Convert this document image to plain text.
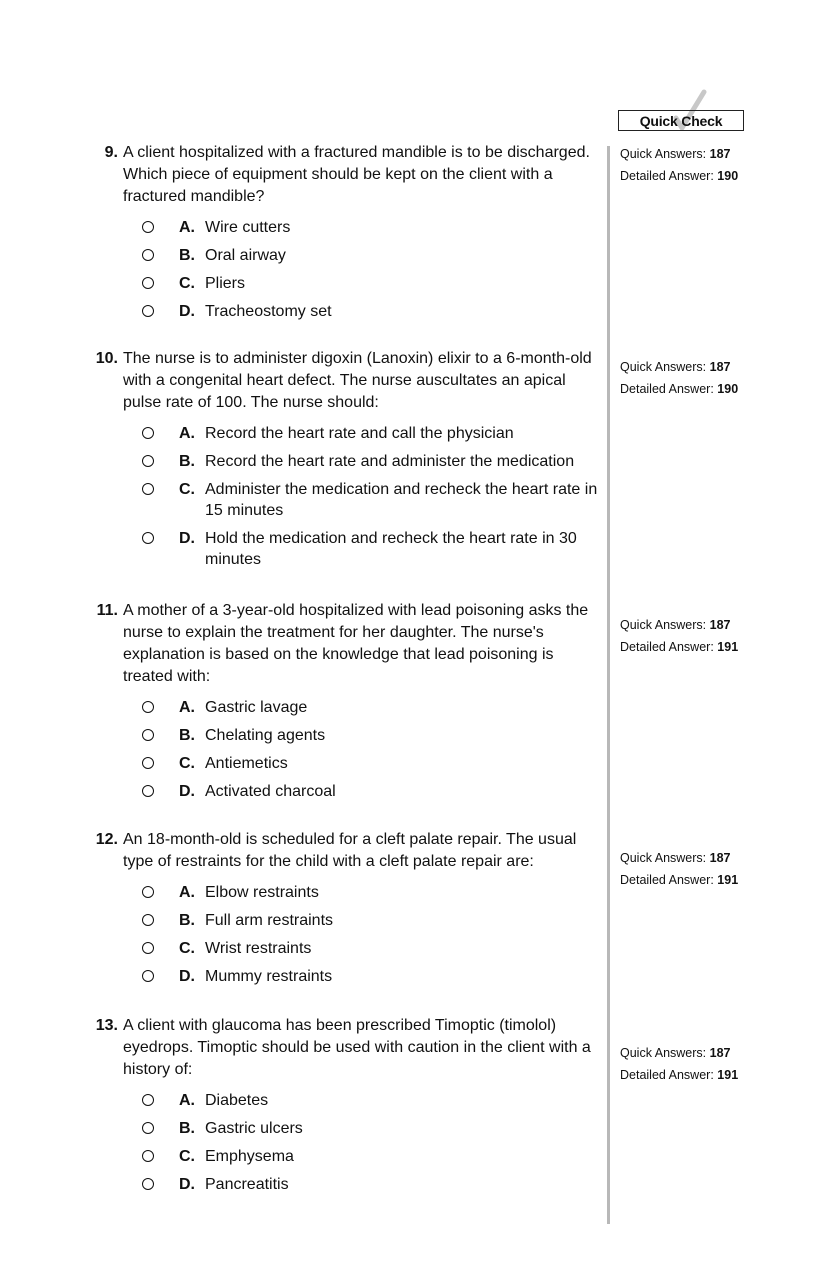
Quick Check
9. A client hospitalized with a fractured mandible is to be discharged. Which piece of equipment should be kept on the client with a fractured mandible?
A. Wire cutters
B. Oral airway
C. Pliers
D. Tracheostomy set
Quick Answers: 187
Detailed Answer: 190
10. The nurse is to administer digoxin (Lanoxin) elixir to a 6-month-old with a congenital heart defect. The nurse auscultates an apical pulse rate of 100. The nurse should:
A. Record the heart rate and call the physician
B. Record the heart rate and administer the medication
C. Administer the medication and recheck the heart rate in 15 minutes
D. Hold the medication and recheck the heart rate in 30 minutes
Quick Answers: 187
Detailed Answer: 190
11. A mother of a 3-year-old hospitalized with lead poisoning asks the nurse to explain the treatment for her daughter. The nurse's explanation is based on the knowledge that lead poisoning is treated with:
A. Gastric lavage
B. Chelating agents
C. Antiemetics
D. Activated charcoal
Quick Answers: 187
Detailed Answer: 191
12. An 18-month-old is scheduled for a cleft palate repair. The usual type of restraints for the child with a cleft palate repair are:
A. Elbow restraints
B. Full arm restraints
C. Wrist restraints
D. Mummy restraints
Quick Answers: 187
Detailed Answer: 191
13. A client with glaucoma has been prescribed Timoptic (timolol) eyedrops. Timoptic should be used with caution in the client with a history of:
A. Diabetes
B. Gastric ulcers
C. Emphysema
D. Pancreatitis
Quick Answers: 187
Detailed Answer: 191
